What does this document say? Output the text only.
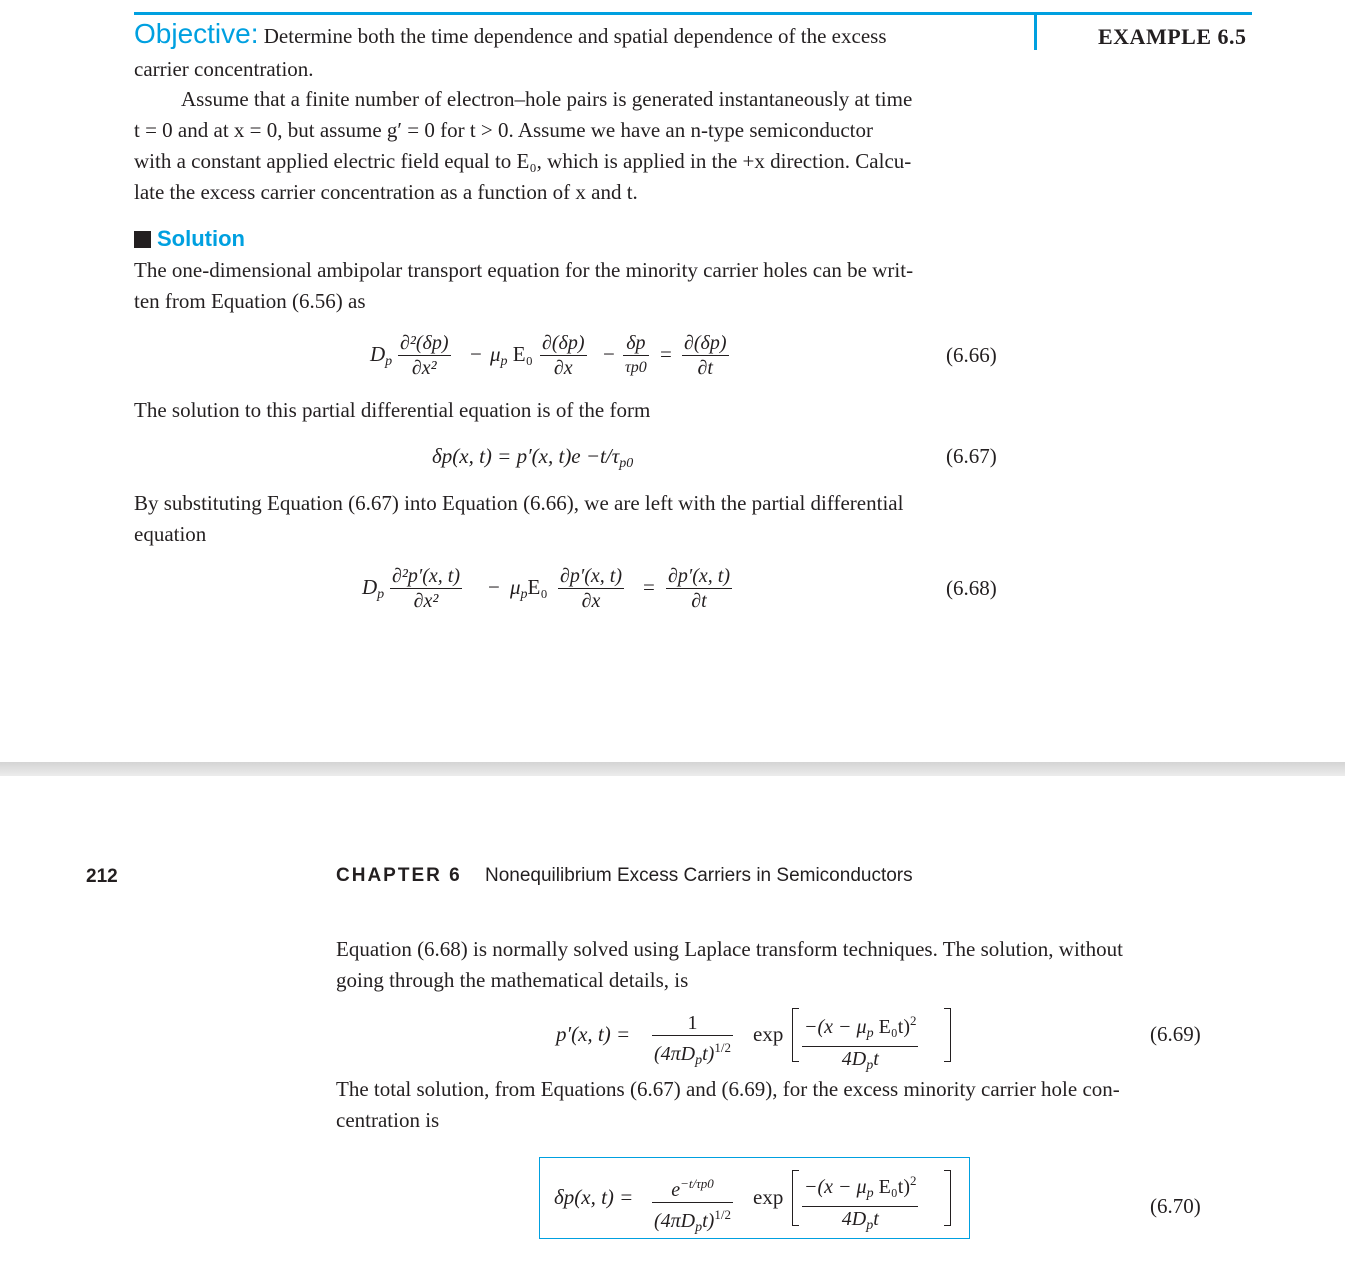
EXAMPLE 6.5
Objective: Determine both the time dependence and spatial dependence of the excess
carrier concentration.
Assume that a finite number of electron–hole pairs is generated instantaneously at time
t = 0 and at x = 0, but assume g′ = 0 for t > 0. Assume we have an n-type semiconductor
with a constant applied electric field equal to E₀, which is applied in the +x direction. Calcu-
late the excess carrier concentration as a function of x and t.
Solution
The one-dimensional ambipolar transport equation for the minority carrier holes can be writ-
ten from Equation (6.56) as
$D_p$
∂²(δp)
∂x²
− $\mu_p$ E₀ ∂(δp)
∂x
− δp
τp0
= ∂(δp)
∂t
(6.66)
The solution to this partial differential equation is of the form
δp(x, t) = p′(x, $t)e -t/\tau_{p0}$	(6.67)
By substituting Equation (6.67) into Equation (6.66), we are left with the partial differential
equation
$D_p$
∂²p′(x, t)
∂x²
− $\mu_pE_0$ ∂p′(x, t)
∂x
= ∂p′(x, t)
∂t
(6.68)
212	CHAPTER 6 Nonequilibrium Excess Carriers in Semiconductors
Equation (6.68) is normally solved using Laplace transform techniques. The solution, without
going through the mathematical details, is
p′(x, t) =	1
$(4\pi D_pt)^{1/2}$
$\exp -(x - \mu_p$ E₀t)$^2$
$4D_pt$
(6.69)
The total solution, from Equations (6.67) and (6.69), for the excess minority carrier hole con-
centration is
δp(x, $t) = e^{-t/\tau p0}$
$(4\pi D_pt)^{1/2}$
$\exp -(x - \mu_p$ E₀t)$^2$
$4D_pt$
(6.70)
